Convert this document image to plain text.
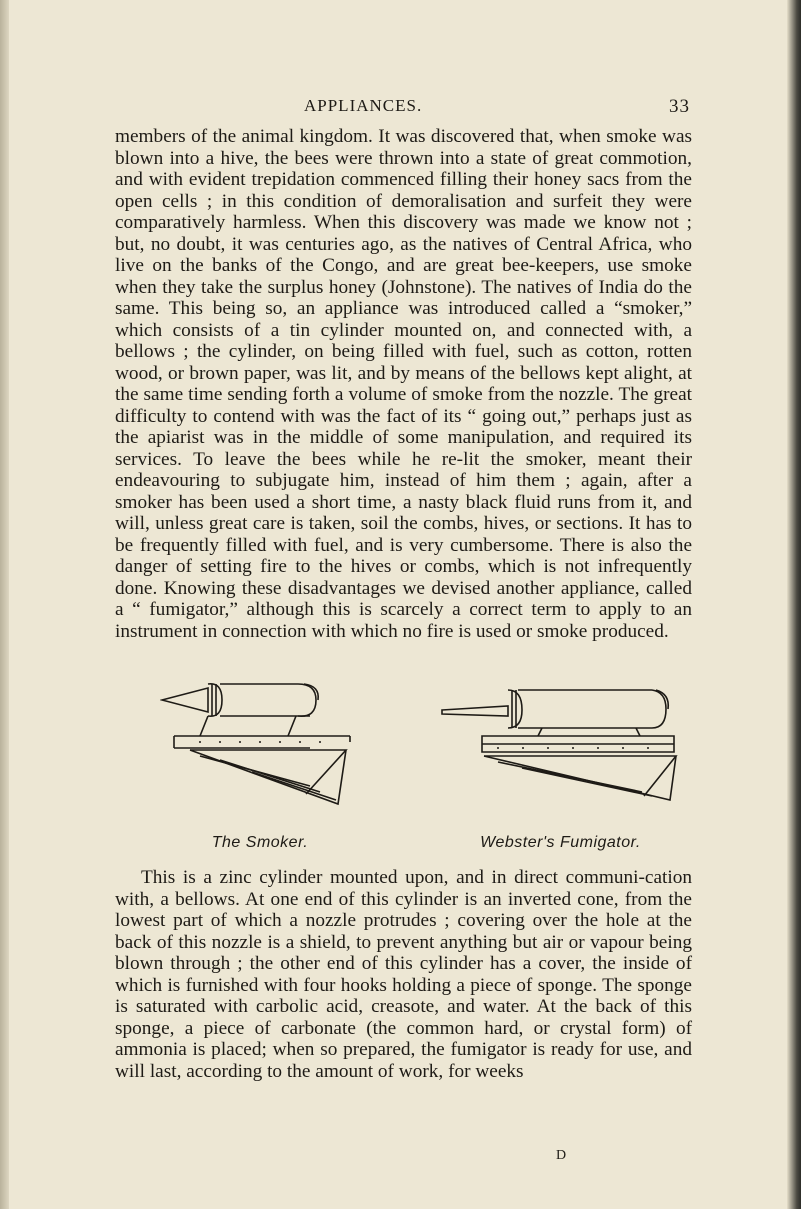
APPLIANCES.	33

members of the animal kingdom. It was discovered that, when smoke was blown into a hive, the bees were thrown into a state of great commotion, and with evident trepidation commenced filling their honey sacs from the open cells ; in this condition of demoralisation and surfeit they were comparatively harmless. When this discovery was made we know not ; but, no doubt, it was centuries ago, as the natives of Central Africa, who live on the banks of the Congo, and are great bee-keepers, use smoke when they take the surplus honey (Johnstone). The natives of India do the same. This being so, an appliance was introduced called a “smoker,” which consists of a tin cylinder mounted on, and connected with, a bellows ; the cylinder, on being filled with fuel, such as cotton, rotten wood, or brown paper, was lit, and by means of the bellows kept alight, at the same time sending forth a volume of smoke from the nozzle. The great difficulty to contend with was the fact of its “ going out,” perhaps just as the apiarist was in the middle of some manipulation, and required its services. To leave the bees while he re-lit the smoker, meant their endeavouring to subjugate him, instead of him them ; again, after a smoker has been used a short time, a nasty black fluid runs from it, and will, unless great care is taken, soil the combs, hives, or sections. It has to be frequently filled with fuel, and is very cumbersome. There is also the danger of setting fire to the hives or combs, which is not infrequently done. Knowing these disadvantages we devised another appliance, called a “ fumigator,” although this is scarcely a correct term to apply to an instrument in connection with which no fire is used or smoke produced.

The Smoker.	Webster's Fumigator.

This is a zinc cylinder mounted upon, and in direct communi-cation with, a bellows. At one end of this cylinder is an inverted cone, from the lowest part of which a nozzle protrudes ; covering over the hole at the back of this nozzle is a shield, to prevent anything but air or vapour being blown through ; the other end of this cylinder has a cover, the inside of which is furnished with four hooks holding a piece of sponge. The sponge is saturated with carbolic acid, creasote, and water. At the back of this sponge, a piece of carbonate (the common hard, or crystal form) of ammonia is placed; when so prepared, the fumigator is ready for use, and will last, according to the amount of work, for weeks

D
